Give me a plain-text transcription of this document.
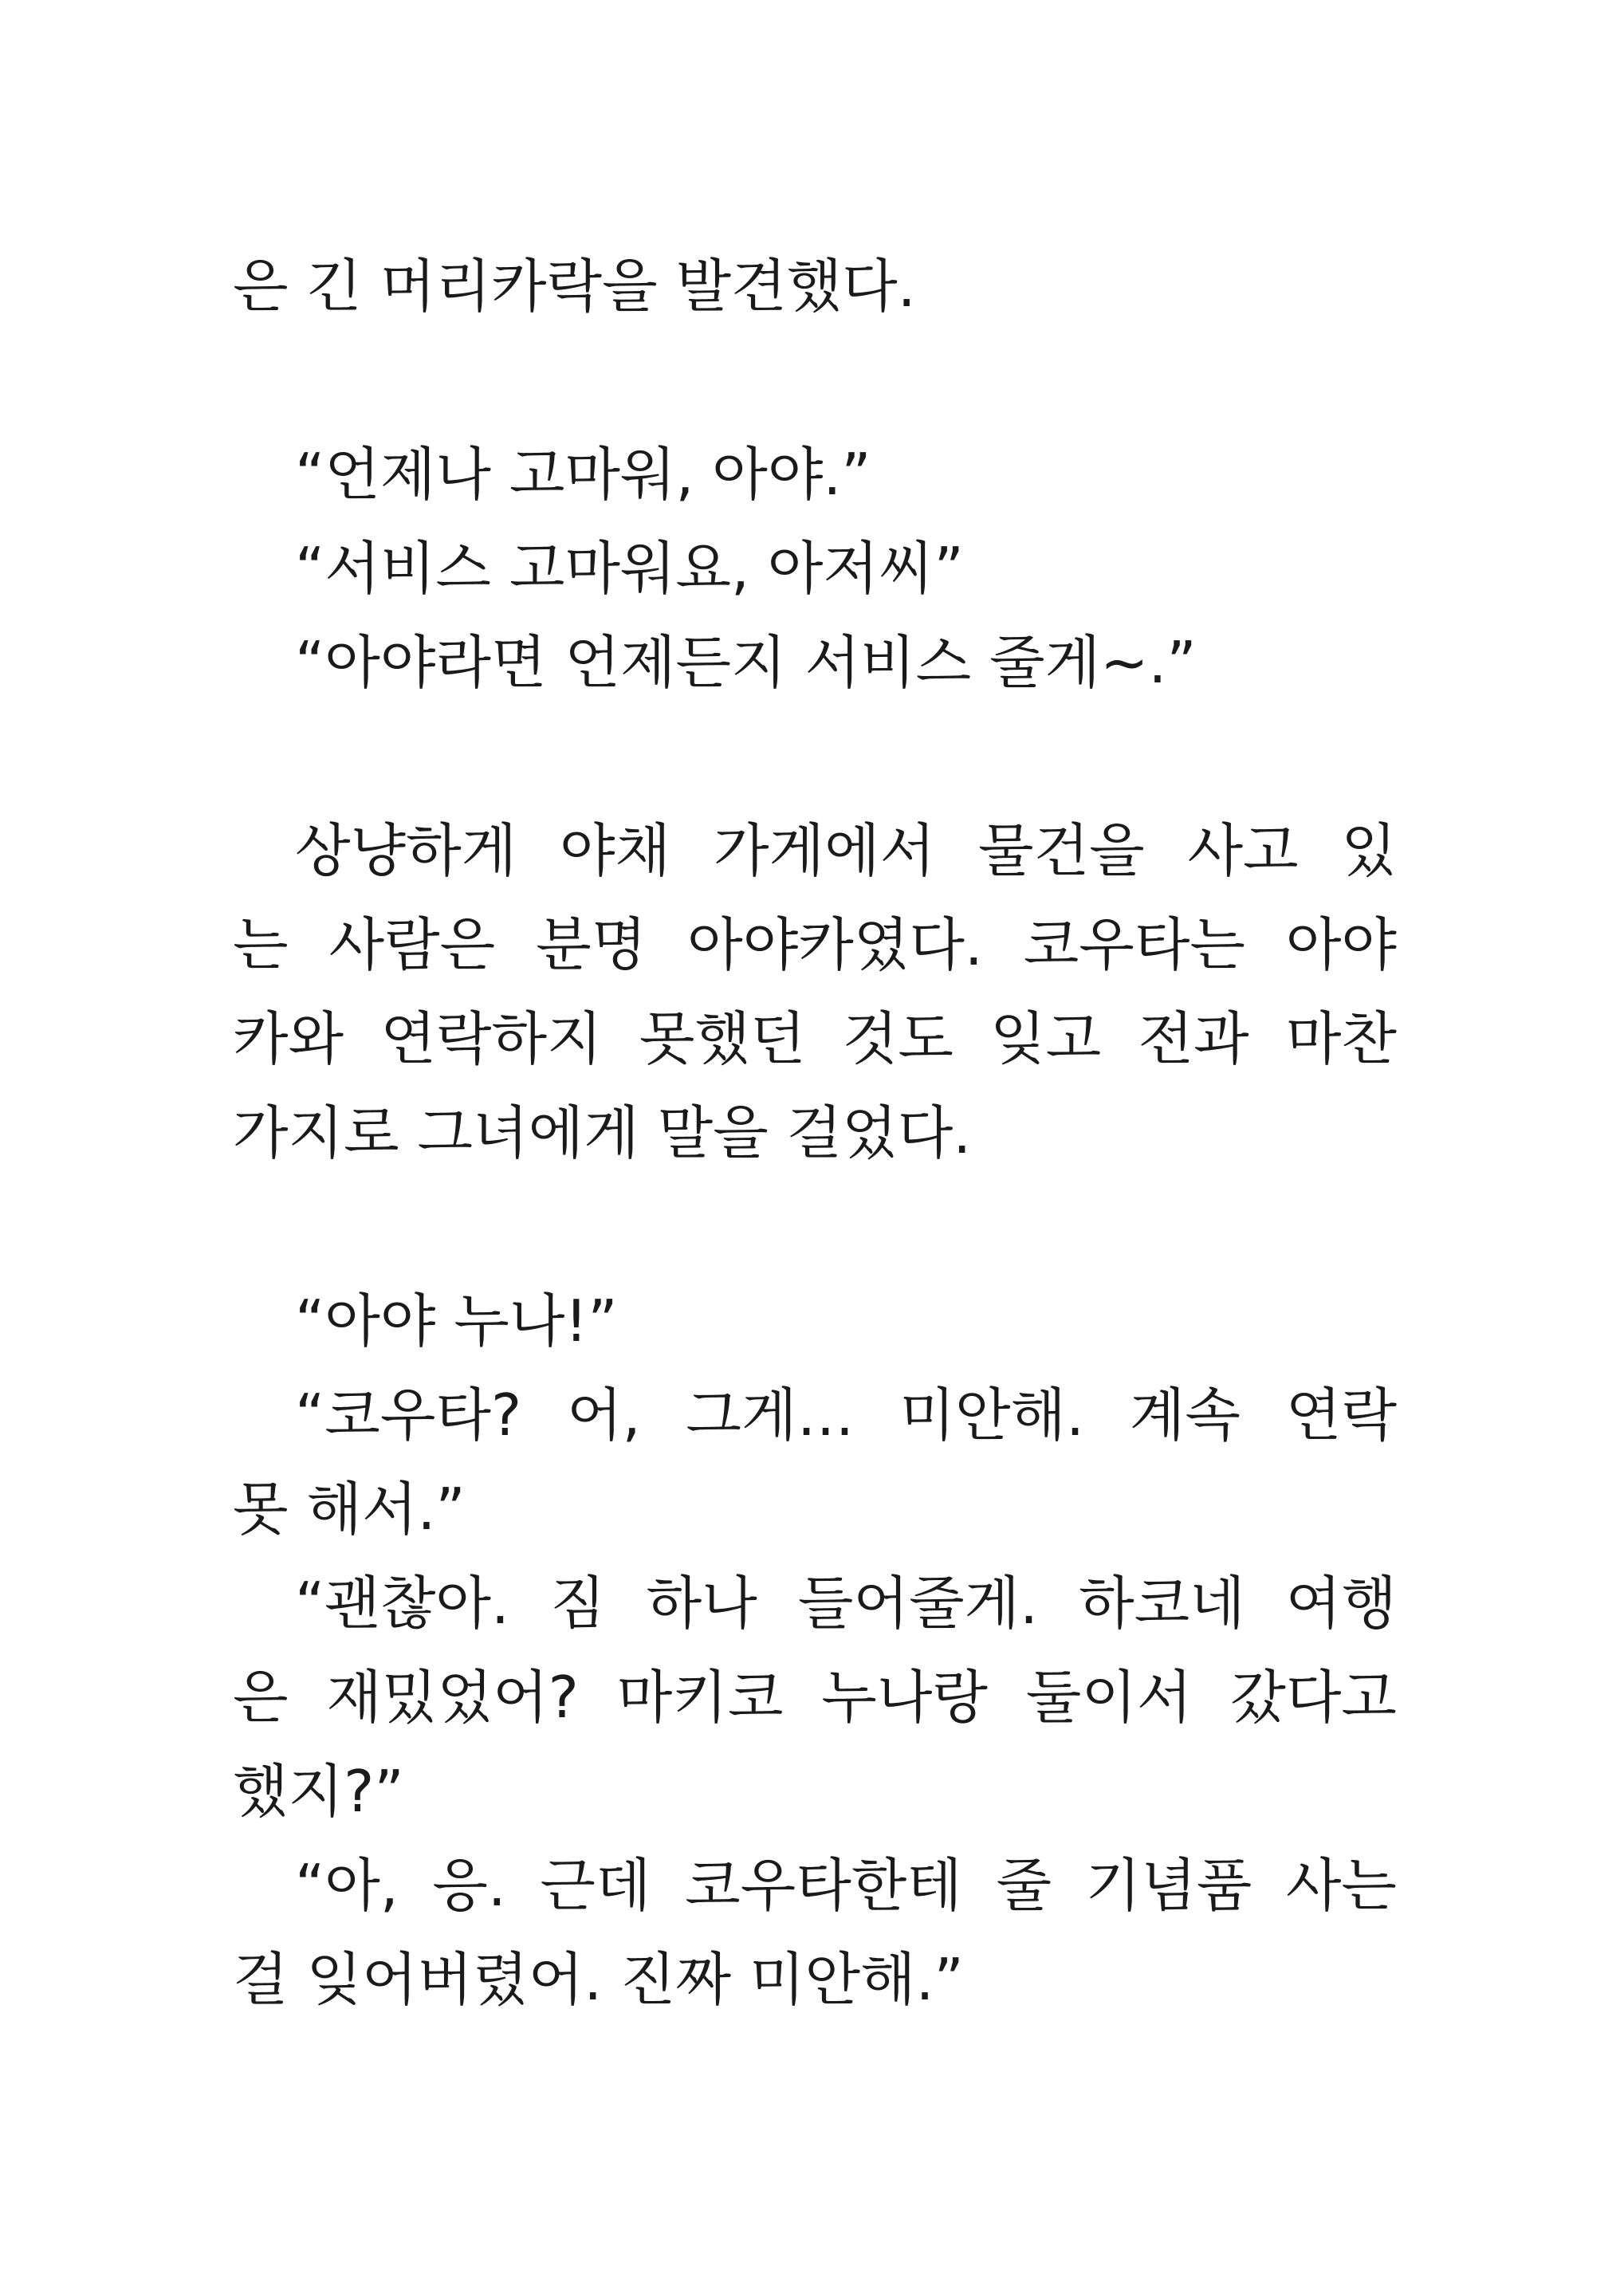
은 긴 머리카락을 발견했다.
“언제나 고마워, 아야.”
“서비스 고마워요, 아저씨”
“아야라면 언제든지 서비스 줄게~.”
상냥하게 야채 가게에서 물건을 사고 있
는 사람은 분명 아야카였다. 코우타는 아야
카와 연락하지 못했던 것도 잊고 전과 마찬
가지로 그녀에게 말을 걸었다.
“아야 누나!”
“코우타? 어, 그게… 미안해. 계속 연락
못 해서.”
“괜찮아. 짐 하나 들어줄게. 하코네 여행
은 재밌었어? 마키코 누나랑 둘이서 갔다고
했지?”
“아, 응. 근데 코우타한테 줄 기념품 사는
걸 잊어버렸어. 진짜 미안해.”
